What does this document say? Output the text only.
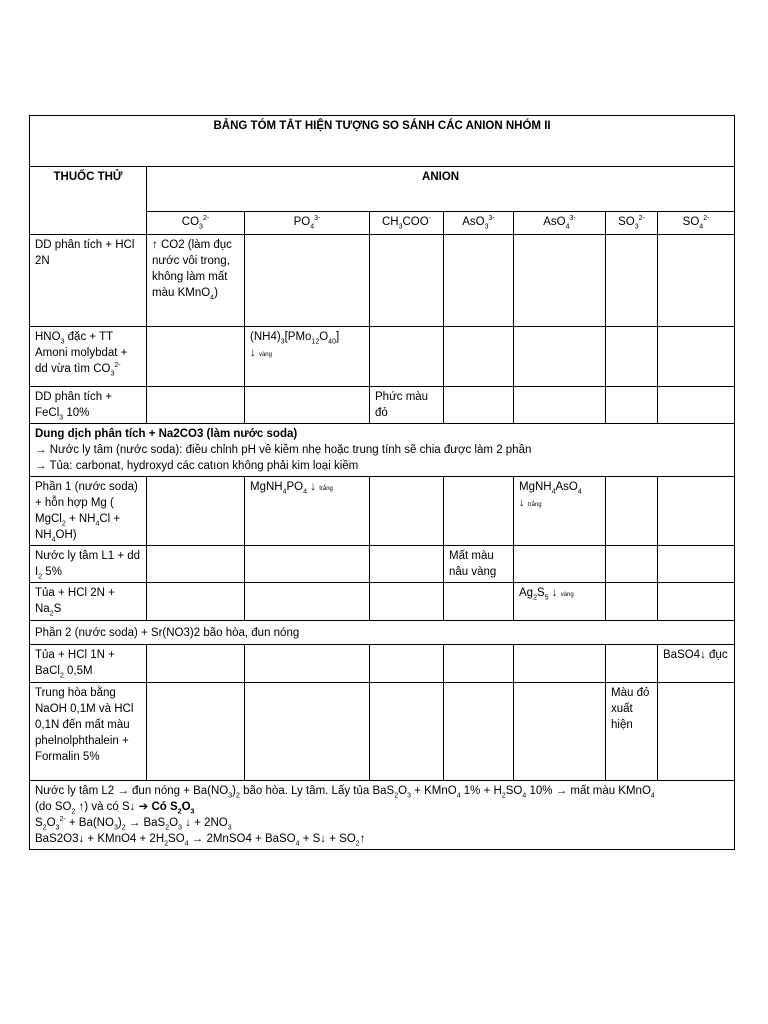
BẢNG TÓM TẮT HIỆN TƯỢNG SO SÁNH CÁC ANION NHÓM II							
THUỐC THỬ	ANION						
	$CO_3^{2-}$	$PO_4^{3-}$	$CH_3COO^-$	AsO$_3^{3-}$	AsO$_4^{3-}$	$SO_3^{2-}$	$SO_4^{2-}$
DD phân tích + HCl 2N	↑ CO2 (làm đục nước vôi trong, không làm mất màu KMnO$_4$)						
$HNO_3$ đặc + TT Amoni molybdat + dd vừa tìm $CO_3^{2-}$		$(NH4)_3[PMo_{12}O_{40}]$
↓ vàng					
DD phân tích + FeCl$_3$ 10%			Phức màu đỏ				

Dung dịch phân tích + Na2CO3 (làm nước soda)
→ Nước ly tâm (nước soda): điều chỉnh pH về kiềm nhẹ hoặc trung tính sẽ chia được làm 2 phần
→ Tủa: carbonat, hydroxyd các catıon không phải kim loại kiềm							

Phần 1 (nước soda) + hỗn hợp Mg ( MgCl$_2$ + $NH_4Cl + NH_4OH$)		$MgNH_4PO_4$ ↓ trắng			MgNH$_4$AsO$_4$
↓ trắng		
Nước ly tâm L1 + dd $I_2$ 5%				Mất màu nâu vàng			
Tủa + HCl $2N + Na_2S$					$Ag_2S_5$ ↓ vàng		
Phần 2 (nước soda) + Sr(NO3)2 bão hòa, đun nóng							
Tủa + HCl 1N + BaCl$_2$ 0,5M							BaSO4↓ đục
Trung hòa bằng NaOH 0,1M và HCl 0,1N đến mất màu phelnolphthalein + Formalin 5%						Màu đỏ xuất hiện	

Nước ly tâm L2 → đun nóng + $Ba(NO_3)_2$ bão hòa. Ly tâm. Lấy tủa $BaS_2O_3$ + KMnO$_4$ $1\% + H_2SO_4$ 10% → mất màu KMnO$_4$
(do $SO_2$ ↑) và có S↓ ➔ Có $S_2O_3$
$S_2O_3^{2-} + Ba(NO_3)_2 \to BaS_2O_3$ ↓ + $2NO_3$
BaS2O3↓ + KMnO4 + $2H_2SO_4$ → 2MnSO4 + BaSO$_4$ + S↓ + $SO_2↑$							
